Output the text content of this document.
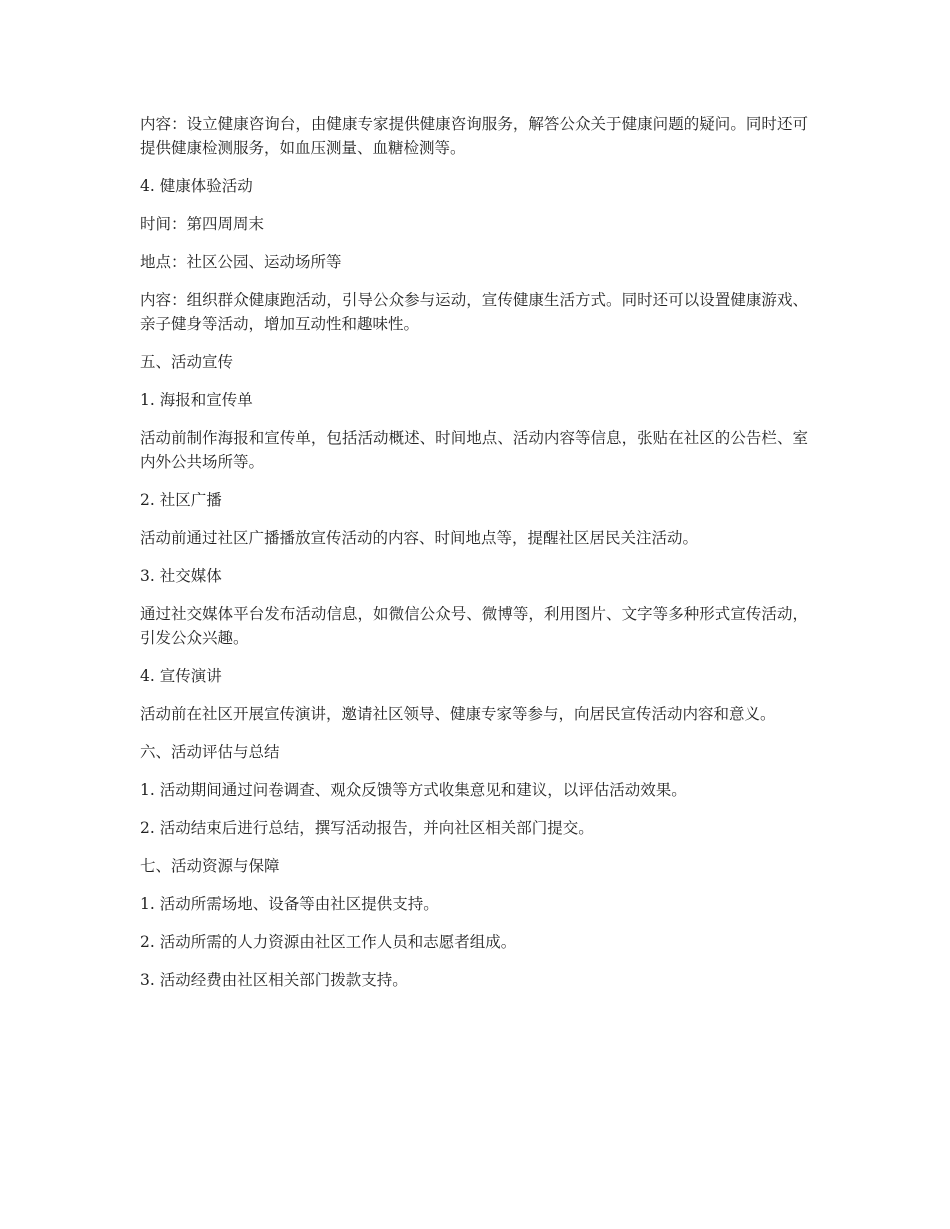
内容：设立健康咨询台，由健康专家提供健康咨询服务，解答公众关于健康问题的疑问。同时还可提供健康检测服务，如血压测量、血糖检测等。

4. 健康体验活动

时间：第四周周末

地点：社区公园、运动场所等

内容：组织群众健康跑活动，引导公众参与运动，宣传健康生活方式。同时还可以设置健康游戏、亲子健身等活动，增加互动性和趣味性。

五、活动宣传

1. 海报和宣传单

活动前制作海报和宣传单，包括活动概述、时间地点、活动内容等信息，张贴在社区的公告栏、室内外公共场所等。

2. 社区广播

活动前通过社区广播播放宣传活动的内容、时间地点等，提醒社区居民关注活动。

3. 社交媒体

通过社交媒体平台发布活动信息，如微信公众号、微博等，利用图片、文字等多种形式宣传活动，引发公众兴趣。

4. 宣传演讲

活动前在社区开展宣传演讲，邀请社区领导、健康专家等参与，向居民宣传活动内容和意义。

六、活动评估与总结

1. 活动期间通过问卷调查、观众反馈等方式收集意见和建议，以评估活动效果。

2. 活动结束后进行总结，撰写活动报告，并向社区相关部门提交。

七、活动资源与保障

1. 活动所需场地、设备等由社区提供支持。

2. 活动所需的人力资源由社区工作人员和志愿者组成。

3. 活动经费由社区相关部门拨款支持。
